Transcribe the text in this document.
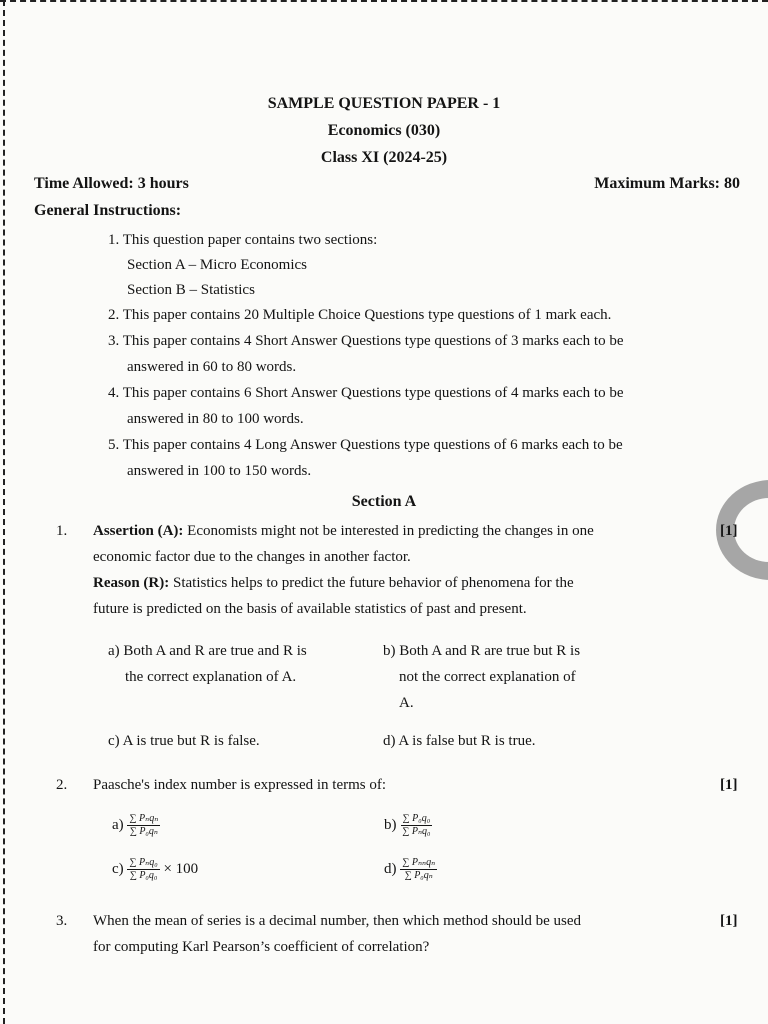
SAMPLE QUESTION PAPER - 1
Economics (030)
Class XI (2024-25)
Time Allowed: 3 hours	Maximum Marks: 80
General Instructions:
1. This question paper contains two sections:
Section A – Micro Economics
Section B – Statistics
2. This paper contains 20 Multiple Choice Questions type questions of 1 mark each.
3. This paper contains 4 Short Answer Questions type questions of 3 marks each to be
answered in 60 to 80 words.
4. This paper contains 6 Short Answer Questions type questions of 4 marks each to be
answered in 80 to 100 words.
5. This paper contains 4 Long Answer Questions type questions of 6 marks each to be
answered in 100 to 150 words.
Section A
1. Assertion (A): Economists might not be interested in predicting the changes in one	[1]
economic factor due to the changes in another factor.
Reason (R): Statistics helps to predict the future behavior of phenomena for the
future is predicted on the basis of available statistics of past and present.
a) Both A and R are true and R is
the correct explanation of A.
b) Both A and R are true but R is
not the correct explanation of
A.
c) A is true but R is false.	d) A is false but R is true.
2. Paasche's index number is expressed in terms of:	[1]
$a) \frac{\text{∑ Pₙqₙ}}{\text{∑ P₀qₙ}}$	$b) \frac{\text{∑ P₀q₀}}{\text{∑ Pₙq₀}}$
$c) \frac{\text{∑ Pₙq₀}}{\text{∑ P₀q₀}} \times 100$	$d) \frac{\text{∑ Pₙₙqₙ}}{\text{∑ P₀qₙ}}$
3. When the mean of series is a decimal number, then which method should be used	[1]
for computing Karl Pearson’s coefficient of correlation?
